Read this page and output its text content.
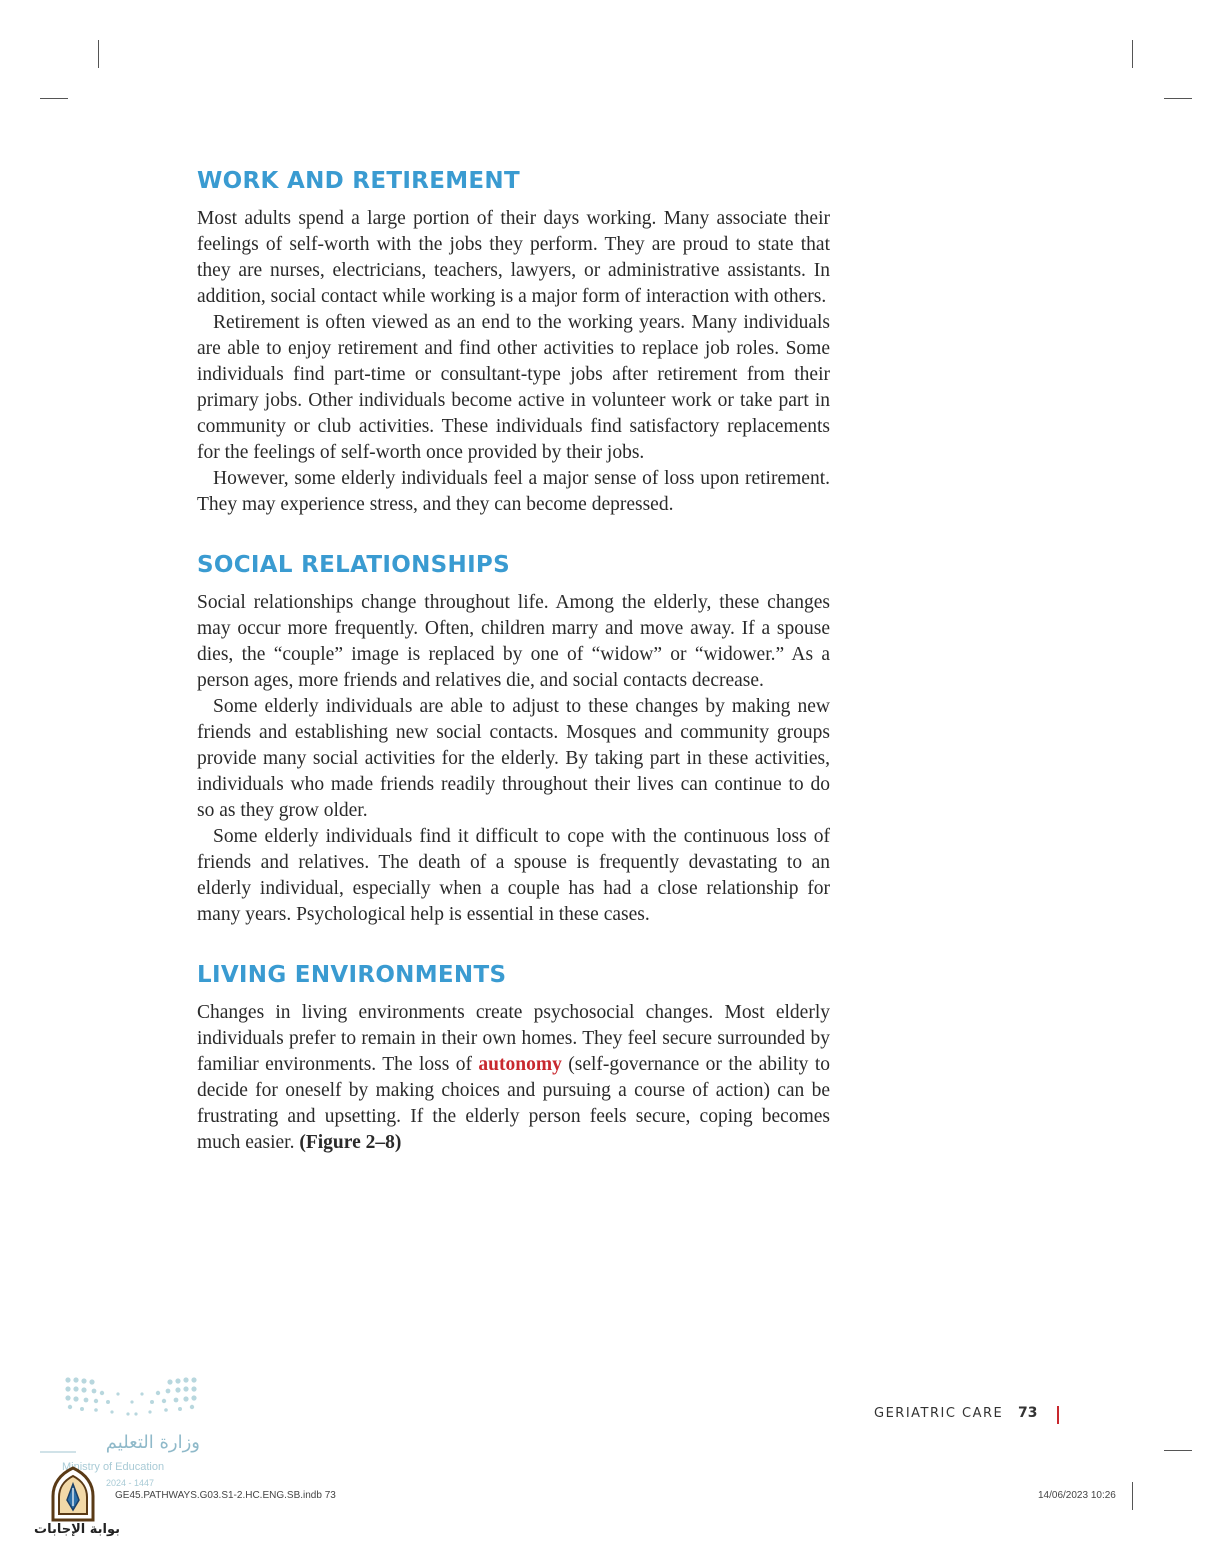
WORK AND RETIREMENT

Most adults spend a large portion of their days working. Many associate their feelings of self-worth with the jobs they perform. They are proud to state that they are nurses, electricians, teachers, lawyers, or administrative assistants. In addition, social contact while working is a major form of interaction with others.

Retirement is often viewed as an end to the working years. Many individuals are able to enjoy retirement and find other activities to replace job roles. Some individuals find part-time or consultant-type jobs after retirement from their primary jobs. Other individuals become active in volunteer work or take part in community or club activities. These individuals find satisfactory replacements for the feelings of self-worth once provided by their jobs.

However, some elderly individuals feel a major sense of loss upon retirement. They may experience stress, and they can become depressed.

SOCIAL RELATIONSHIPS

Social relationships change throughout life. Among the elderly, these changes may occur more frequently. Often, children marry and move away. If a spouse dies, the “couple” image is replaced by one of “widow” or “widower.” As a person ages, more friends and relatives die, and social contacts decrease.

Some elderly individuals are able to adjust to these changes by making new friends and establishing new social contacts. Mosques and community groups provide many social activities for the elderly. By taking part in these activities, individuals who made friends readily throughout their lives can continue to do so as they grow older.

Some elderly individuals find it difficult to cope with the continuous loss of friends and relatives. The death of a spouse is frequently devastating to an elderly individual, especially when a couple has had a close relationship for many years. Psychological help is essential in these cases.

LIVING ENVIRONMENTS

Changes in living environments create psychosocial changes. Most elderly individuals prefer to remain in their own homes. They feel secure surrounded by familiar environments. The loss of autonomy (self-governance or the ability to decide for oneself by making choices and pursuing a course of action) can be frustrating and upsetting. If the elderly person feels secure, coping becomes much easier. (Figure 2–8)

GERIATRIC CARE 73
وزارة التعليم
Ministry of Education
2024 - 1447
بوابة الإجابات
GE45.PATHWAYS.G03.S1-2.HC.ENG.SB.indb 73	14/06/2023 10:26
